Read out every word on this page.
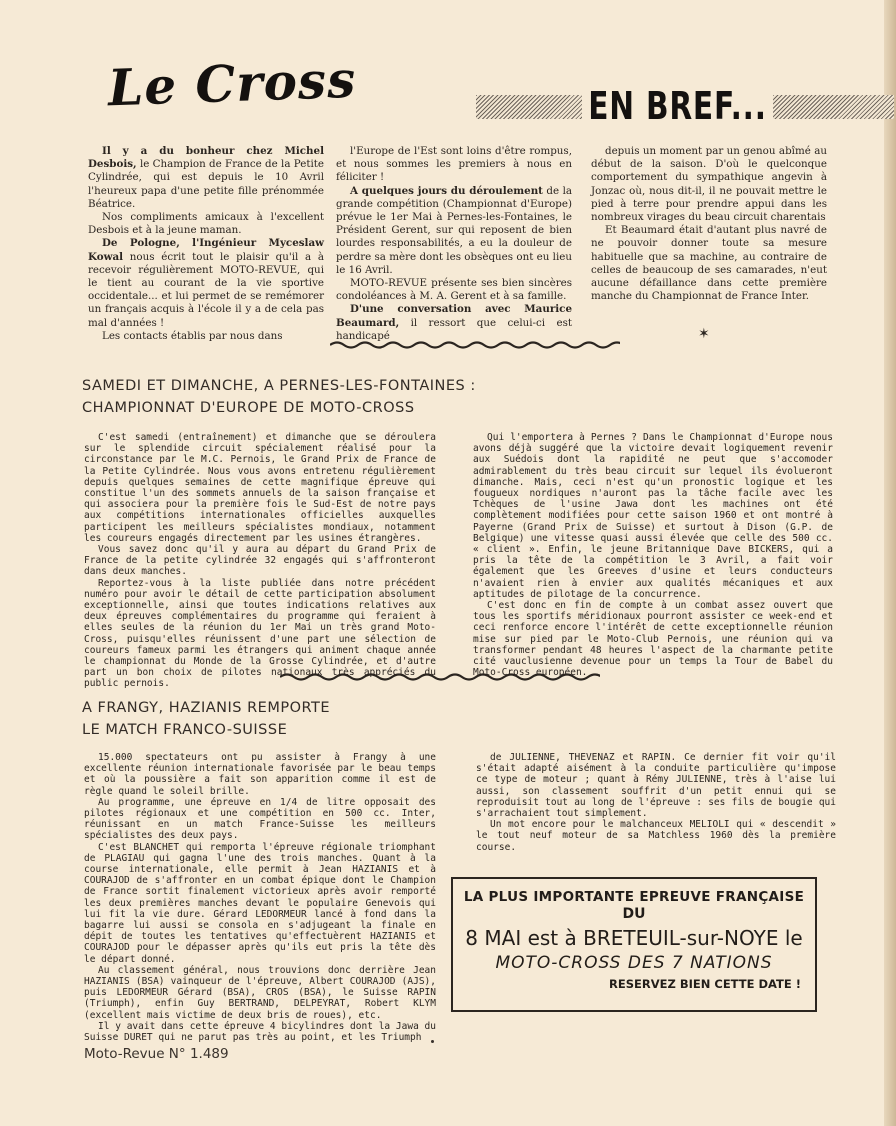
Le Cross	EN BREF...

Il y a du bonheur chez Michel Desbois, le Champion de France de la Petite Cylindrée, qui est depuis le 10 Avril l'heureux papa d'une petite fille prénommée Béatrice.

Nos compliments amicaux à l'excellent Desbois et à la jeune maman.

De Pologne, l'Ingénieur Myceslaw Kowal nous écrit tout le plaisir qu'il a à recevoir régulièrement MOTO-REVUE, qui le tient au courant de la vie sportive occidentale... et lui permet de se remémorer un français acquis à l'école il y a de cela pas mal d'années !

Les contacts établis par nous dans

l'Europe de l'Est sont loins d'être rompus, et nous sommes les premiers à nous en féliciter !

A quelques jours du déroulement de la grande compétition (Championnat d'Europe) prévue le 1er Mai à Pernes-les-Fontaines, le Président Gerent, sur qui reposent de bien lourdes responsabilités, a eu la douleur de perdre sa mère dont les obsèques ont eu lieu le 16 Avril.

MOTO-REVUE présente ses bien sincères condoléances à M. A. Gerent et à sa famille.

D'une conversation avec Maurice Beaumard, il ressort que celui-ci est handicapé

depuis un moment par un genou abîmé au début de la saison. D'où le quelconque comportement du sympathique angevin à Jonzac où, nous dit-il, il ne pouvait mettre le pied à terre pour prendre appui dans les nombreux virages du beau circuit charentais

Et Beaumard était d'autant plus navré de ne pouvoir donner toute sa mesure habituelle que sa machine, au contraire de celles de beaucoup de ses camarades, n'eut aucune défaillance dans cette première manche du Championnat de France Inter.

✶
SAMEDI ET DIMANCHE, A PERNES-LES-FONTAINES :
CHAMPIONNAT D'EUROPE DE MOTO-CROSS

C'est samedi (entraînement) et dimanche que se déroulera sur le splendide circuit spécialement réalisé pour la circonstance par le M.C. Pernois, le Grand Prix de France de la Petite Cylindrée. Nous vous avons entretenu régulièrement depuis quelques semaines de cette magnifique épreuve qui constitue l'un des sommets annuels de la saison française et qui associera pour la première fois le Sud-Est de notre pays aux compétitions internationales officielles auxquelles participent les meilleurs spécialistes mondiaux, notamment les coureurs engagés directement par les usines étrangères.

Vous savez donc qu'il y aura au départ du Grand Prix de France de la petite cylindrée 32 engagés qui s'affronteront dans deux manches.

Reportez-vous à la liste publiée dans notre précédent numéro pour avoir le détail de cette participation absolument exceptionnelle, ainsi que toutes indications relatives aux deux épreuves complémentaires du programme qui feraient à elles seules de la réunion du 1er Mai un très grand Moto-Cross, puisqu'elles réunissent d'une part une sélection de coureurs fameux parmi les étrangers qui animent chaque année le championnat du Monde de la Grosse Cylindrée, et d'autre part un bon choix de pilotes nationaux très appréciés du public pernois.

Qui l'emportera à Pernes ? Dans le Championnat d'Europe nous avons déjà suggéré que la victoire devait logiquement revenir aux Suédois dont la rapidité ne peut que s'accomoder admirablement du très beau circuit sur lequel ils évolueront dimanche. Mais, ceci n'est qu'un pronostic logique et les fougueux nordiques n'auront pas la tâche facile avec les Tchèques de l'usine Jawa dont les machines ont été complètement modifiées pour cette saison 1960 et ont montré à Payerne (Grand Prix de Suisse) et surtout à Dison (G.P. de Belgique) une vitesse quasi aussi élevée que celle des 500 cc. « client ». Enfin, le jeune Britannique Dave BICKERS, qui a pris la tête de la compétition le 3 Avril, a fait voir également que les Greeves d'usine et leurs conducteurs n'avaient rien à envier aux qualités mécaniques et aux aptitudes de pilotage de la concurrence.

C'est donc en fin de compte à un combat assez ouvert que tous les sportifs méridionaux pourront assister ce week-end et ceci renforce encore l'intérêt de cette exceptionnelle réunion mise sur pied par le Moto-Club Pernois, une réunion qui va transformer pendant 48 heures l'aspect de la charmante petite cité vauclusienne devenue pour un temps la Tour de Babel du Moto-Cross européen.

A FRANGY, HAZIANIS REMPORTE
LE MATCH FRANCO-SUISSE

15.000 spectateurs ont pu assister à Frangy à une excellente réunion internationale favorisée par le beau temps et où la poussière a fait son apparition comme il est de règle quand le soleil brille.

Au programme, une épreuve en 1/4 de litre opposait des pilotes régionaux et une compétition en 500 cc. Inter, réunissant en un match France-Suisse les meilleurs spécialistes des deux pays.

C'est BLANCHET qui remporta l'épreuve régionale triomphant de PLAGIAU qui gagna l'une des trois manches. Quant à la course internationale, elle permit à Jean HAZIANIS et à COURAJOD de s'affronter en un combat épique dont le Champion de France sortit finalement victorieux après avoir remporté les deux premières manches devant le populaire Genevois qui lui fit la vie dure. Gérard LEDORMEUR lancé à fond dans la bagarre lui aussi se consola en s'adjugeant la finale en dépit de toutes les tentatives qu'effectuèrent HAZIANIS et COURAJOD pour le dépasser après qu'ils eut pris la tête dès le départ donné.

Au classement général, nous trouvions donc derrière Jean HAZIANIS (BSA) vainqueur de l'épreuve, Albert COURAJOD (AJS), puis LEDORMEUR Gérard (BSA), CROS (BSA), le Suisse RAPIN (Triumph), enfin Guy BERTRAND, DELPEYRAT, Robert KLYM (excellent mais victime de deux bris de roues), etc.

Il y avait dans cette épreuve 4 bicylindres dont la Jawa du Suisse DURET qui ne parut pas très au point, et les Triumph

de JULIENNE, THEVENAZ et RAPIN. Ce dernier fit voir qu'il s'était adapté aisément à la conduite particulière qu'impose ce type de moteur ; quant à Rémy JULIENNE, très à l'aise lui aussi, son classement souffrit d'un petit ennui qui se reproduisit tout au long de l'épreuve : ses fils de bougie qui s'arrachaient tout simplement.

Un mot encore pour le malchanceux MELIOLI qui « descendit » le tout neuf moteur de sa Matchless 1960 dès la première course.

LA PLUS IMPORTANTE EPREUVE FRANÇAISE
DU
8 MAI est à BRETEUIL-sur-NOYE le
MOTO-CROSS DES 7 NATIONS
RESERVEZ BIEN CETTE DATE !
Moto-Revue N° 1.489
